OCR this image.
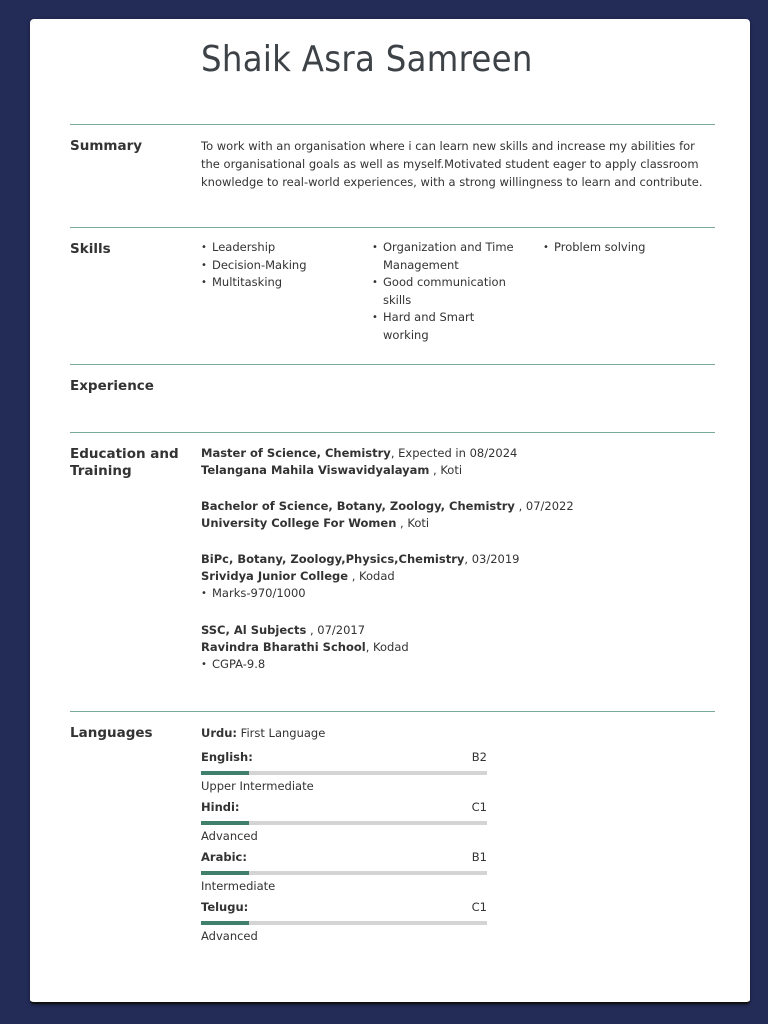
Shaik Asra Samreen
Summary	To work with an organisation where i can learn new skills and increase my abilities for the organisational goals as well as myself.Motivated student eager to apply classroom knowledge to real-world experiences, with a strong willingness to learn and contribute.
Skills
•	Leadership
• Decision-Making
• Multitasking
• Organization and Time Management
• Good communication skills
• Hard and Smart working
• Problem solving
Experience
Education and Training
Master of Science, Chemistry, Expected in 08/2024
Telangana Mahila Viswavidyalayam , Koti
Bachelor of Science, Botany, Zoology, Chemistry , 07/2022
University College For Women , Koti
BiPc, Botany, Zoology,Physics,Chemistry, 03/2019
Srividya Junior College , Kodad
• Marks-970/1000
SSC, Al Subjects , 07/2017
Ravindra Bharathi School, Kodad
• CGPA-9.8
Languages	Urdu: First Language
English:	B2
Upper Intermediate
Hindi:	C1
Advanced
Arabic:	B1
Intermediate
Telugu:	C1
Advanced
